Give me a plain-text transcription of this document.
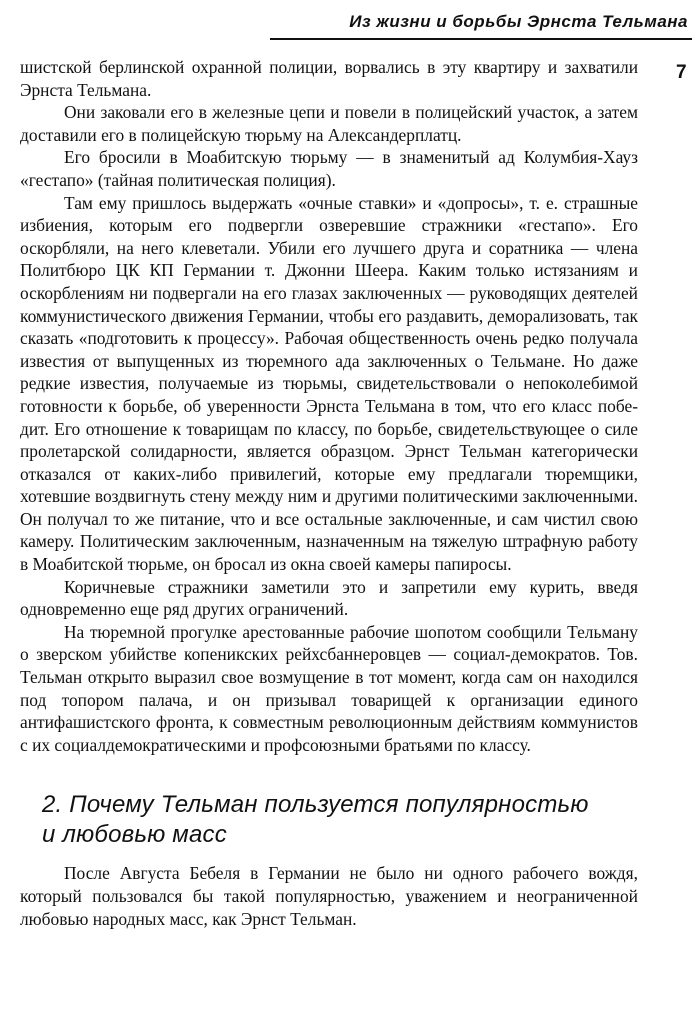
Из жизни и борьбы Эрнста Тельмана
7

шистской берлинской охранной полиции, ворвались в эту квартиру и захватили Эрнста Тельмана.

Они заковали его в железные цепи и повели в полицейский участок, а затем доставили его в полицейскую тюрьму на Александерплатц.

Его бросили в Моабитскую тюрьму — в знаменитый ад Колумбия-Хауз «гестапо» (тайная политическая полиция).

Там ему пришлось выдержать «очные ставки» и «допросы», т. е. страшные избиения, которым его подвергли озверевшие стражники «гестапо». Его оскорбляли, на него клеветали. Убили его лучшего друга и соратника — члена Политбюро ЦК КП Германии т. Джонни Шеера. Каким только истязаниям и оскорблениям ни подвергали на его глазах заключенных — руководящих деятелей коммунистического движения Германии, чтобы его раздавить, деморализовать, так сказать «подготовить к процессу». Рабочая общественность очень редко получала известия от выпущенных из тюремного ада заключенных о Тельмане. Но даже редкие известия, получаемые из тюрьмы, свидетельствовали о непоколебимой готовности к борьбе, об уверенности Эрнста Тельмана в том, что его класс победит. Его отношение к товарищам по классу, по борьбе, свидетельствующее о силе пролетарской солидарности, является образцом. Эрнст Тельман категорически отказался от каких-либо привилегий, которые ему предлагали тюремщики, хотевшие воздвигнуть стену между ним и другими политическими заключенными. Он получал то же питание, что и все остальные заключенные, и сам чистил свою камеру. Политическим заключенным, назначенным на тяжелую штрафную работу в Моабитской тюрьме, он бросал из окна своей камеры папиросы.

Коричневые стражники заметили это и запретили ему курить, введя одновременно еще ряд других ограничений.

На тюремной прогулке арестованные рабочие шопотом сообщили Тельману о зверском убийстве копеникских рейхсбаннеровцев — социал-демократов. Тов. Тельман открыто выразил свое возмущение в тот момент, когда сам он находился под топором палача, и он призывал товарищей к организации единого антифашистского фронта, к совместным революционным действиям коммунистов с их социалдемократическими и профсоюзными братьями по классу.

2. Почему Тельман пользуется популярностью
и любовью масс

После Августа Бебеля в Германии не было ни одного рабочего вождя, который пользовался бы такой популярностью, уважением и неограниченной любовью народных масс, как Эрнст Тельман.
